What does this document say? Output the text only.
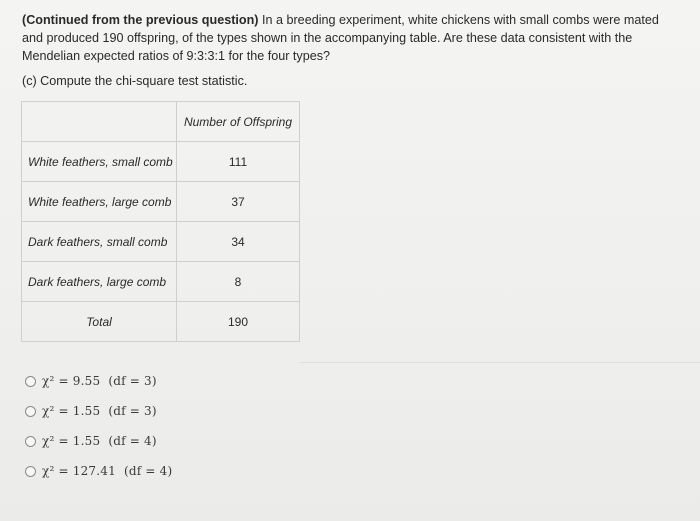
(Continued from the previous question) In a breeding experiment, white chickens with small combs were mated and produced 190 offspring, of the types shown in the accompanying table. Are these data consistent with the Mendelian expected ratios of 9:3:3:1 for the four types?
(c) Compute the chi-square test statistic.
	Number of Offspring
White feathers, small comb	111
White feathers, large comb	37
Dark feathers, small comb	34
Dark feathers, large comb	8
Total	190
χ² = 9.55  (df = 3)
χ² = 1.55  (df = 3)
χ² = 1.55  (df = 4)
χ² = 127.41  (df = 4)
